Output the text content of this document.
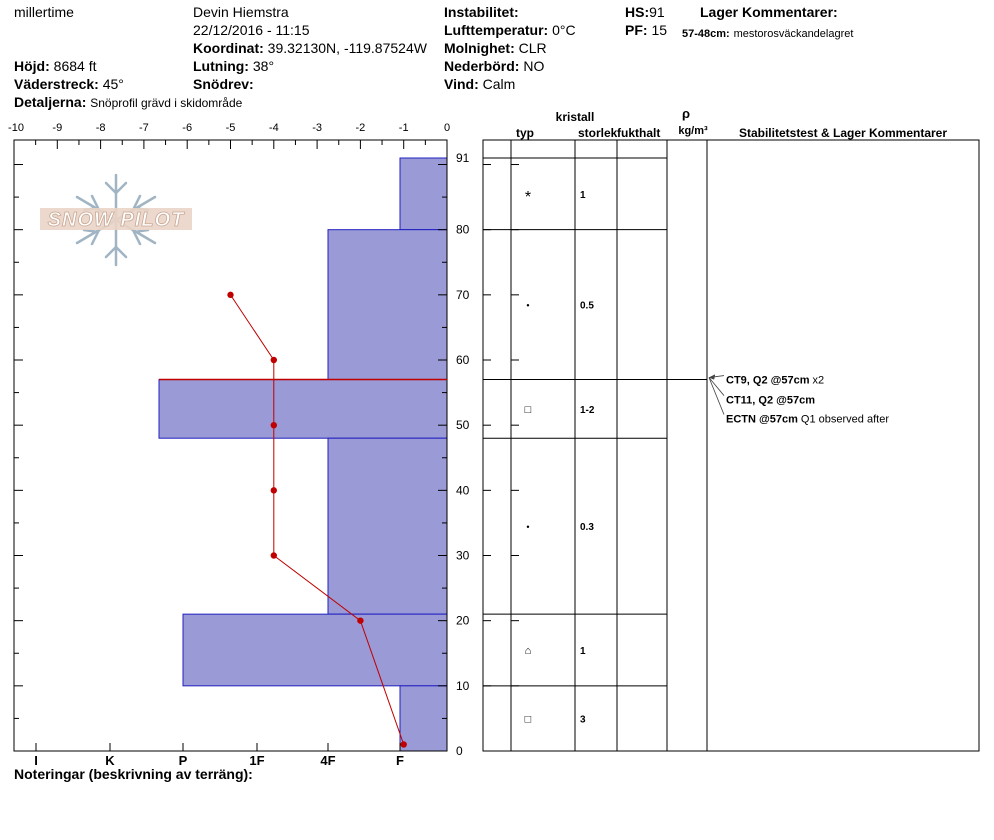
millertime	Devin Hiemstra
22/12/2016 - 11:15
Koordinat: 39.32130N, -119.87524W
Lutning: 38°
Snödrev:
Höjd: 8684 ft
Väderstreck: 45°
Detaljerna: Snöprofil grävd i skidområde
Instabilitet:
Lufttemperatur: 0°C
Molnighet: CLR
Nederbörd: NO
Vind: Calm
HS:91
PF: 15
Lager Kommentarer:
57-48cm: mestorosväckandelagret
Noteringar (beskrivning av terräng):
SNOW PILOT
-10	-9	-8	-7	-6	-5	-4	-3	-2	-1	0
91
80
70
60
50
40
30
20
10
0
I	K	P	1F	4F	F
kristall
typ	storlek fukthalt
ρ
kg/m³	Stabilitetstest & Lager Kommentarer
*	1
•	0.5
□	1-2
•	0.3
⌂	1
□	3
CT9, Q2 @57cm x2
CT11, Q2 @57cm
ECTN @57cm Q1 observed after
